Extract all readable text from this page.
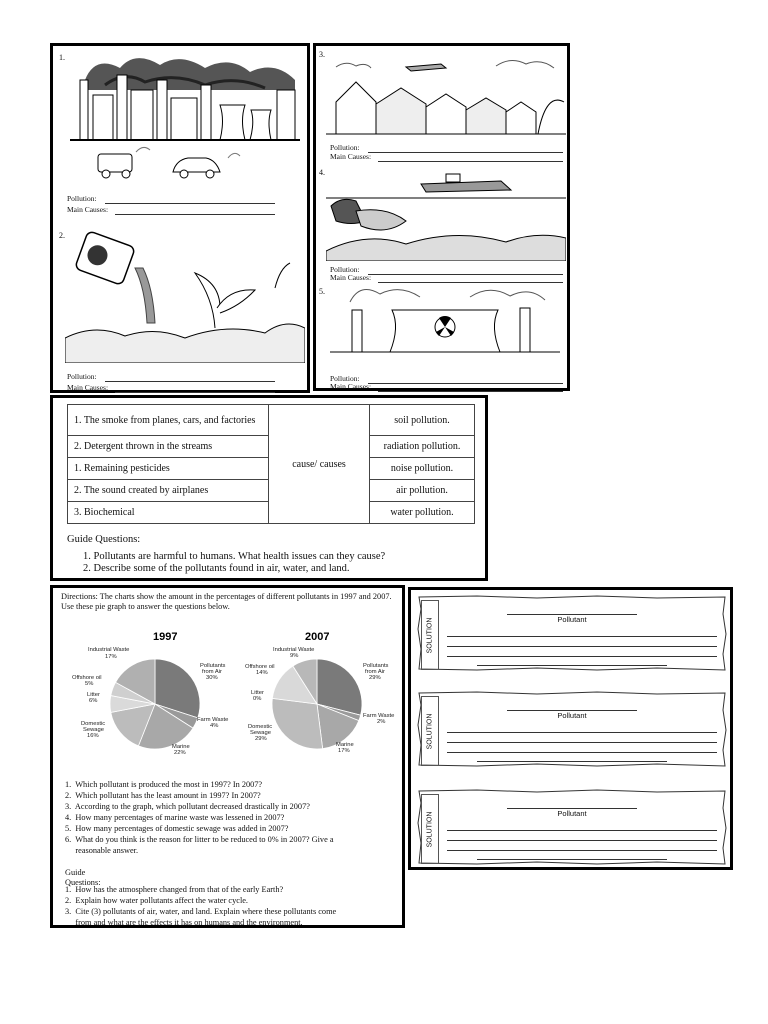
1.
Pollution:
Main Causes:
2.
Pollution:
Main Causes:
3.
Pollution:
Main Causes:
4.
Pollution:
Main Causes:
5.
Pollution:
Main Causes:
1. The smoke from planes, cars, and factories	cause/ causes	soil pollution.
2. Detergent thrown in the streams		radiation pollution.
1. Remaining pesticides		noise pollution.
2. The sound created by airplanes		air pollution.
3. Biochemical		water pollution.
Guide Questions:
1. Pollutants are harmful to humans. What health issues can they cause?
2. Describe some of the pollutants found in air, water, and land.
Directions: The charts show the amount in the percentages of different pollutants in 1997 and 2007. Use these pie graph to answer the questions below.
1997	2007
Industrial Waste
17%
Pollutants
from Air
30%
Offshore oil
5%
Litter
6%
Domestic
Sewage
16%
Farm Waste
4%
Marine
22%
Industrial Waste
9%
Pollutants
from Air
29%
Offshore oil
14%
Litter
0%
Domestic
Sewage
29%
Farm Waste
2%
Marine
17%
1.  Which pollutant is produced the most in 1997? In 2007?
2.  Which pollutant has the least amount in 1997? In 2007?
3.  According to the graph, which pollutant decreased drastically in 2007?
4.  How many percentages of marine waste was lessened in 2007?
5.  How many percentages of domestic sewage was added in 2007?
6.  What do you think is the reason for litter to be reduced to 0% in 2007? Give a
reasonable answer.
Guide Questions:
1.  How has the atmosphere changed from that of the early Earth?
2.  Explain how water pollutants affect the water cycle.
3.  Cite (3) pollutants of air, water, and land. Explain where these pollutants come
from and what are the effects it has on humans and the environment.
SOLUTION	Pollutant
SOLUTION	Pollutant
SOLUTION	Pollutant
